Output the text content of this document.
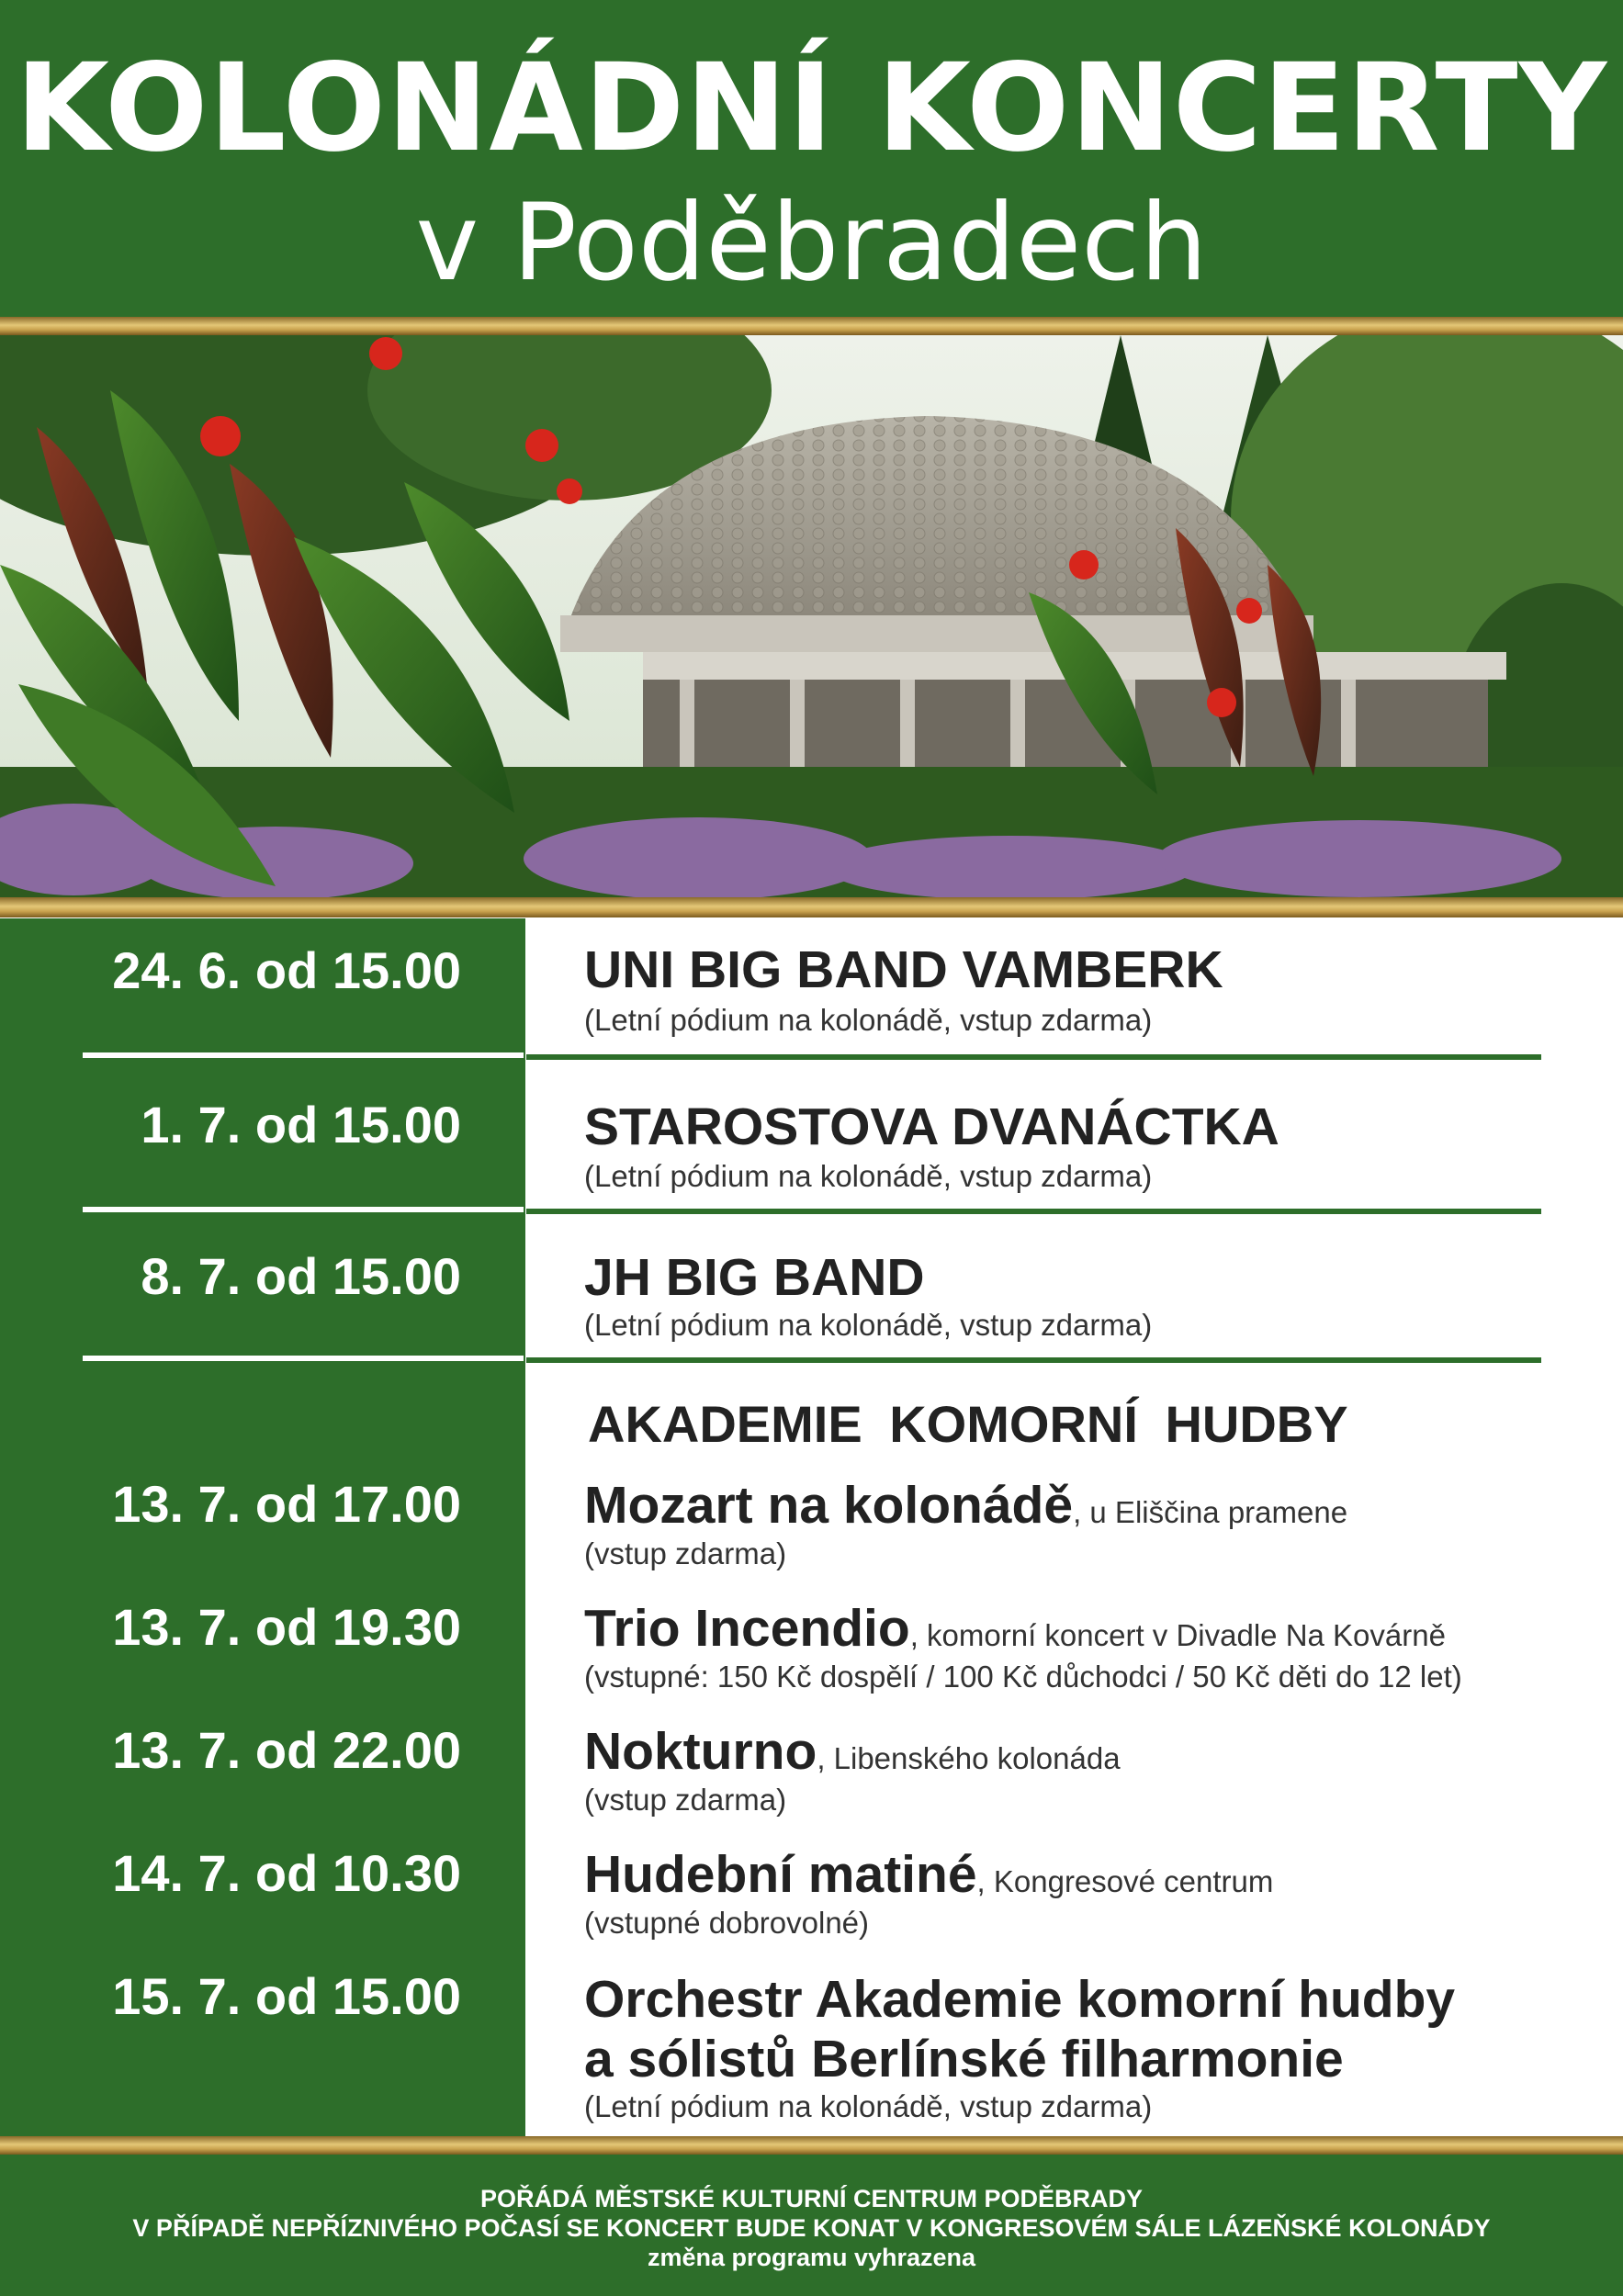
KOLONÁDNÍ KONCERTY
v Poděbradech
24. 6. od 15.00 UNI BIG BAND VAMBERK
(Letní pódium na kolonádě, vstup zdarma)
1. 7. od 15.00 STAROSTOVA DVANÁCTKA
(Letní pódium na kolonádě, vstup zdarma)
8. 7. od 15.00 JH BIG BAND
(Letní pódium na kolonádě, vstup zdarma)
AKADEMIE KOMORNÍ HUDBY
13. 7. od 17.00 Mozart na kolonádě, u Eliščina pramene
(vstup zdarma)
13. 7. od 19.30 Trio Incendio, komorní koncert v Divadle Na Kovárně
(vstupné: 150 Kč dospělí / 100 Kč důchodci / 50 Kč děti do 12 let)
13. 7. od 22.00 Nokturno, Libenského kolonáda
(vstup zdarma)
14. 7. od 10.30 Hudební matiné, Kongresové centrum
(vstupné dobrovolné)
15. 7. od 15.00 Orchestr Akademie komorní hudby
a sólistů Berlínské filharmonie
(Letní pódium na kolonádě, vstup zdarma)
POŘÁDÁ MĚSTSKÉ KULTURNÍ CENTRUM PODĚBRADY
V PŘÍPADĚ NEPŘÍZNIVÉHO POČASÍ SE KONCERT BUDE KONAT V KONGRESOVÉM SÁLE LÁZEŇSKÉ KOLONÁDY
změna programu vyhrazena
